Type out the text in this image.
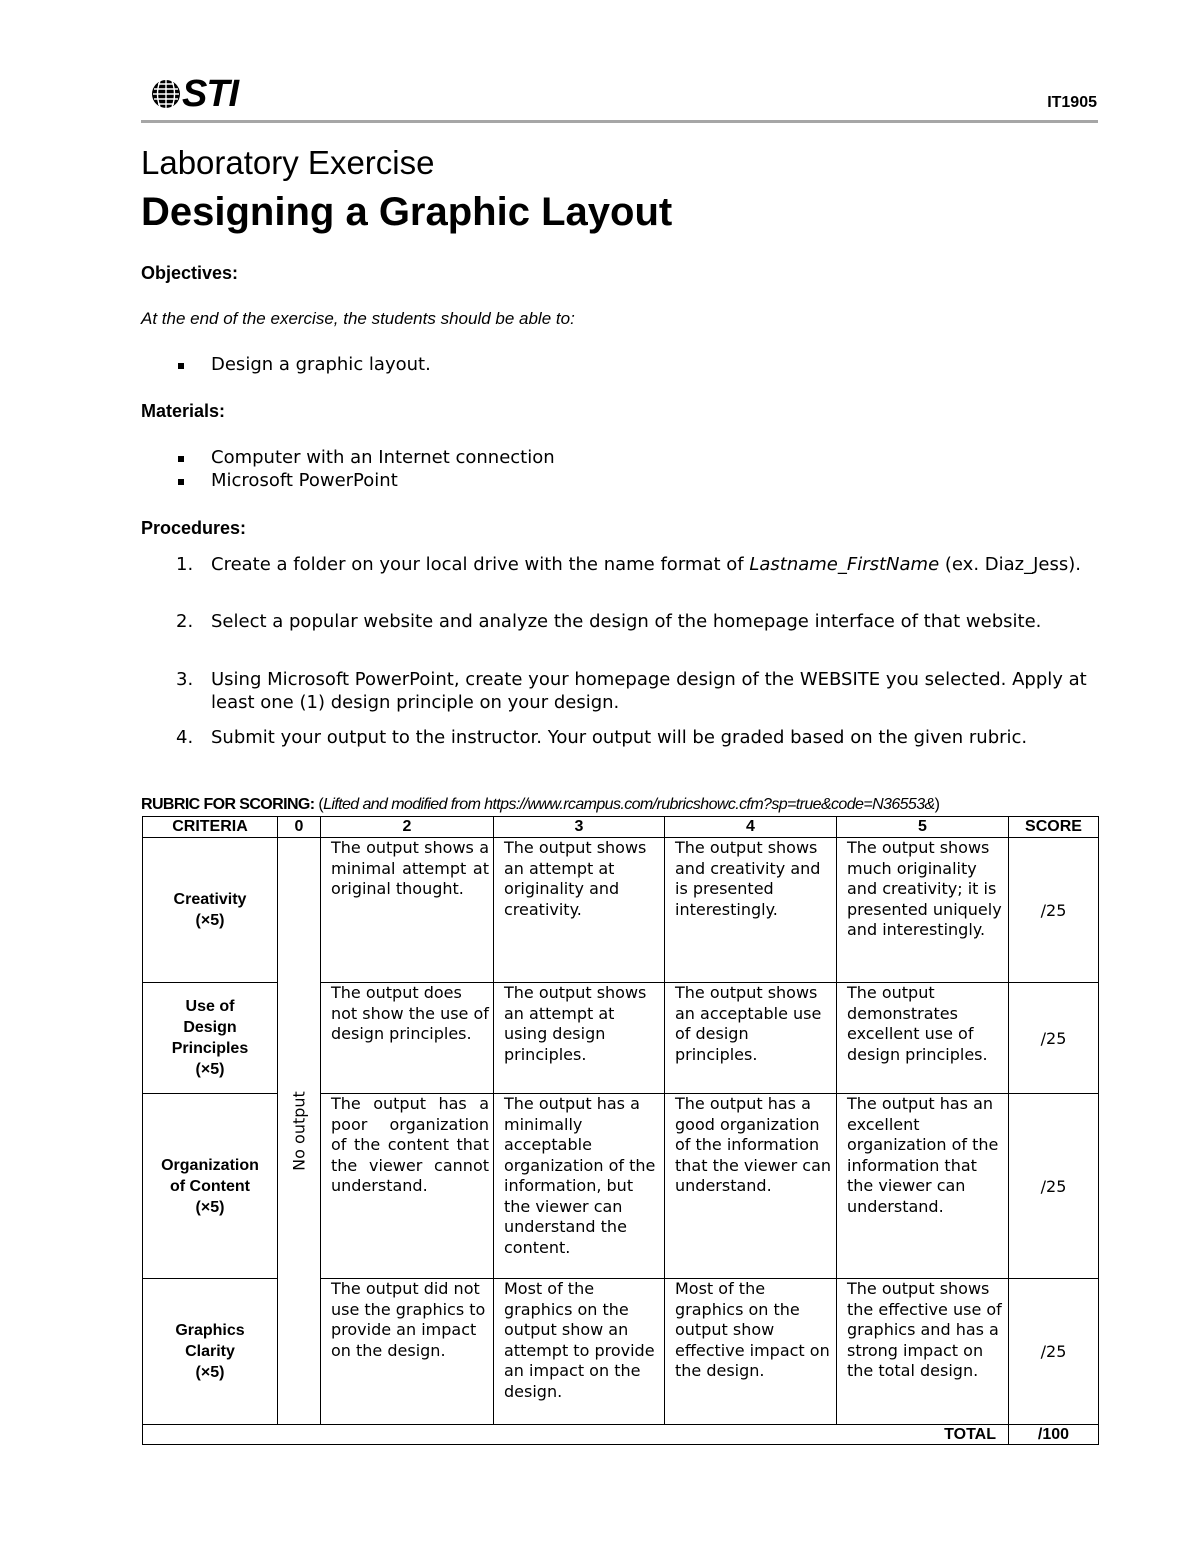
STI	IT1905
Laboratory Exercise
Designing a Graphic Layout
Objectives:
At the end of the exercise, the students should be able to:
Design a graphic layout.
Materials:
Computer with an Internet connection
Microsoft PowerPoint
Procedures:
1. Create a folder on your local drive with the name format of Lastname_FirstName (ex. Diaz_Jess).
2. Select a popular website and analyze the design of the homepage interface of that website.
3. Using Microsoft PowerPoint, create your homepage design of the WEBSITE you selected. Apply at least one (1) design principle on your design.
4. Submit your output to the instructor. Your output will be graded based on the given rubric.
RUBRIC FOR SCORING: (Lifted and modified from https://www.rcampus.com/rubricshowc.cfm?sp=true&code=N36553&)
CRITERIA	0	2	3	4	5	SCORE

Creativity
(×5)	No output	The output shows a minimal attempt at original thought.	The output shows an attempt at originality and creativity.	The output shows and creativity and is presented interestingly.	The output shows much originality and creativity; it is presented uniquely and interestingly.	/25

Use of
Design
Principles
(×5)		The output does not show the use of design principles.	The output shows an attempt at using design principles.	The output shows an acceptable use of design principles.	The output demonstrates excellent use of design principles.	/25

Organization
of Content
(×5)		The output has a poor organization of the content that the viewer cannot understand.	The output has a minimally acceptable organization of the information, but the viewer can understand the content.	The output has a good organization of the information that the viewer can understand.	The output has an excellent organization of the information that the viewer can understand.	/25

Graphics
Clarity
(×5)		The output did not use the graphics to provide an impact on the design.	Most of the graphics on the output show an attempt to provide an impact on the design.	Most of the graphics on the output show effective impact on the design.	The output shows the effective use of graphics and has a strong impact on the total design.	/25
TOTAL						/100
